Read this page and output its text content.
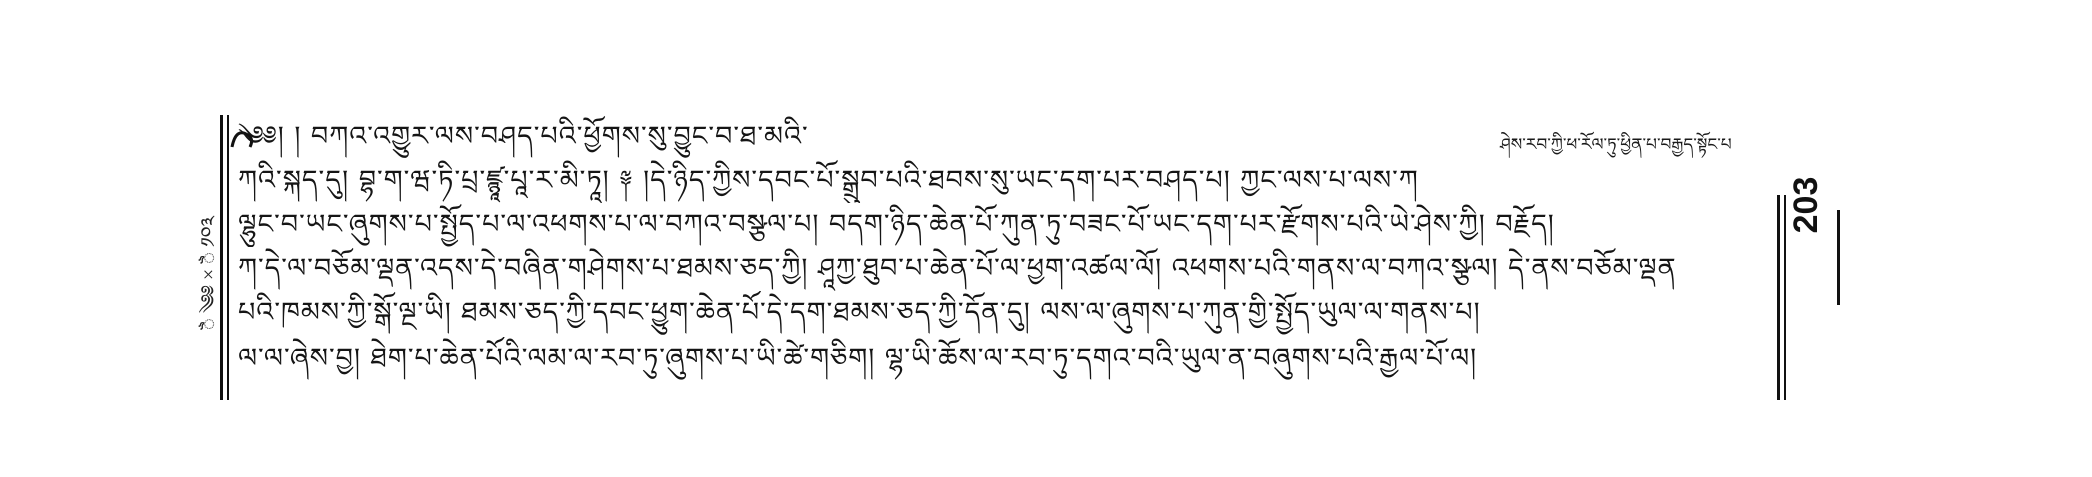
ꣿ ༄༅ × ꣿ ༡༠༣
203
༄༅། ། བཀའ་འགྱུར་ལས་བཤད་པའི་ཕྱོགས་སུ་བྱུང་བ་ཐ་མའི་	ཤེས་རབ་ཀྱི་ཕ་རོལ་ཏུ་ཕྱིན་པ་བརྒྱད་སྟོང་པ
ཀའི་སྐད་དུ། བྷ་ག་ཝ་ཏི་པྲ་ཛྙཱ་པཱ་ར་མི་ཏཱ། ༈ །དེ་ཉིད་ཀྱིས་དབང་པོ་སྒྲུབ་པའི་ཐབས་སུ་ཡང་དག་པར་བཤད་པ། ཀྱང་ལས་པ་ལས་ཀ
ལྷུང་བ་ཡང་ཞུགས་པ་སྤྱོད་པ་ལ་འཕགས་པ་ལ་བཀའ་བསྩལ་པ། བདག་ཉིད་ཆེན་པོ་ཀུན་ཏུ་བཟང་པོ་ཡང་དག་པར་རྫོགས་པའི་ཡེ་ཤེས་ཀྱི། བརྗོད།
ཀ་དེ་ལ་བཅོམ་ལྡན་འདས་དེ་བཞིན་གཤེགས་པ་ཐམས་ཅད་ཀྱི། ཤཱཀྱ་ཐུབ་པ་ཆེན་པོ་ལ་ཕྱག་འཚལ་ལོ། འཕགས་པའི་གནས་ལ་བཀའ་སྩལ། དེ་ནས་བཅོམ་ལྡན
པའི་ཁམས་ཀྱི་སྒོ་ལྔ་ཡི། ཐམས་ཅད་ཀྱི་དབང་ཕྱུག་ཆེན་པོ་དེ་དག་ཐམས་ཅད་ཀྱི་དོན་དུ། ལས་ལ་ཞུགས་པ་ཀུན་གྱི་སྤྱོད་ཡུལ་ལ་གནས་པ།
ལ་ལ་ཞེས་བྱ། ཐེག་པ་ཆེན་པོའི་ལམ་ལ་རབ་ཏུ་ཞུགས་པ་ཡི་ཚེ་གཅིག། ལྷ་ཡི་ཆོས་ལ་རབ་ཏུ་དགའ་བའི་ཡུལ་ན་བཞུགས་པའི་རྒྱལ་པོ་ལ།
